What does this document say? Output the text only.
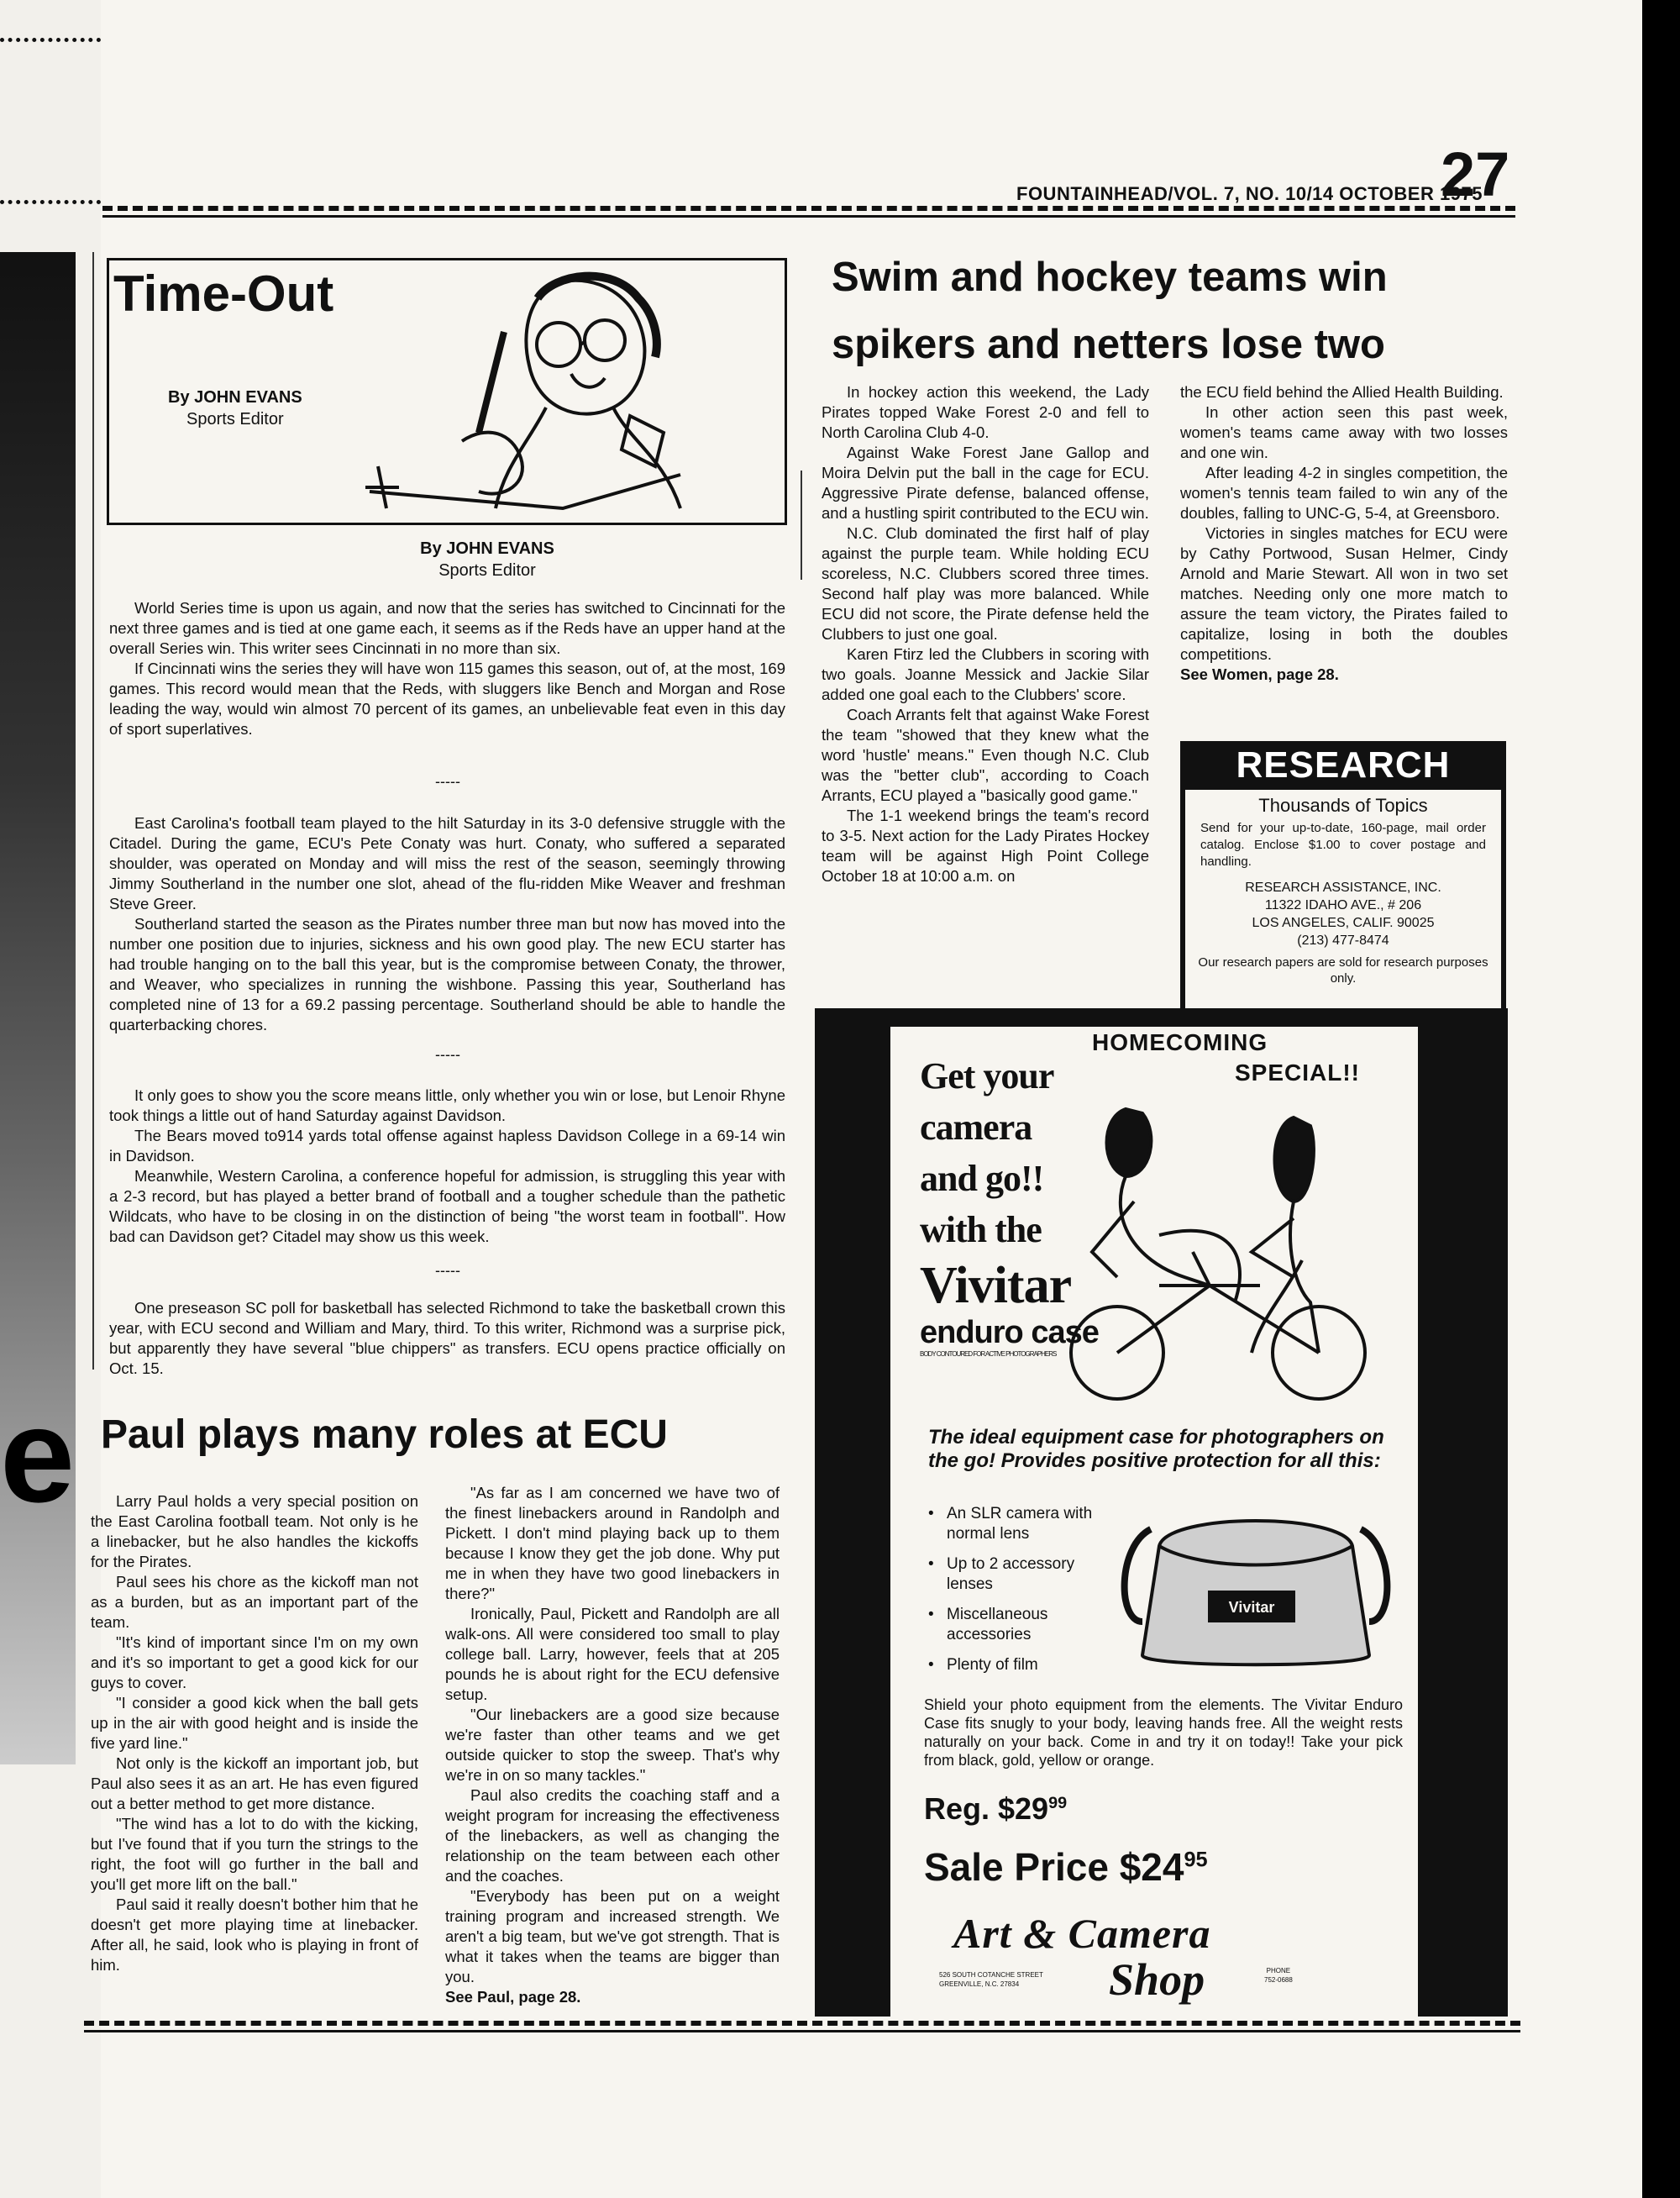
e
FOUNTAINHEAD/VOL. 7, NO. 10/14 OCTOBER 1975
27
Time-Out
By JOHN EVANS
Sports Editor
By JOHN EVANS
Sports Editor

World Series time is upon us again, and now that the series has switched to Cincinnati for the next three games and is tied at one game each, it seems as if the Reds have an upper hand at the overall Series win. This writer sees Cincinnati in no more than six.

If Cincinnati wins the series they will have won 115 games this season, out of, at the most, 169 games. This record would mean that the Reds, with sluggers like Bench and Morgan and Rose leading the way, would win almost 70 percent of its games, an unbelievable feat even in this day of sport superlatives.

-----

East Carolina's football team played to the hilt Saturday in its 3-0 defensive struggle with the Citadel. During the game, ECU's Pete Conaty was hurt. Conaty, who suffered a separated shoulder, was operated on Monday and will miss the rest of the season, seemingly throwing Jimmy Southerland in the number one slot, ahead of the flu-ridden Mike Weaver and freshman Steve Greer.

Southerland started the season as the Pirates number three man but now has moved into the number one position due to injuries, sickness and his own good play. The new ECU starter has had trouble hanging on to the ball this year, but is the compromise between Conaty, the thrower, and Weaver, who specializes in running the wishbone. Passing this year, Southerland has completed nine of 13 for a 69.2 passing percentage. Southerland should be able to handle the quarterbacking chores.

-----

It only goes to show you the score means little, only whether you win or lose, but Lenoir Rhyne took things a little out of hand Saturday against Davidson.

The Bears moved to914 yards total offense against hapless Davidson College in a 69-14 win in Davidson.

Meanwhile, Western Carolina, a conference hopeful for admission, is struggling this year with a 2-3 record, but has played a better brand of football and a tougher schedule than the pathetic Wildcats, who have to be closing in on the distinction of being "the worst team in football". How bad can Davidson get? Citadel may show us this week.

-----

One preseason SC poll for basketball has selected Richmond to take the basketball crown this year, with ECU second and William and Mary, third. To this writer, Richmond was a surprise pick, but apparently they have several "blue chippers" as transfers. ECU opens practice officially on Oct. 15.

Swim and hockey teams win
spikers and netters lose two

In hockey action this weekend, the Lady Pirates topped Wake Forest 2-0 and fell to North Carolina Club 4-0.

Against Wake Forest Jane Gallop and Moira Delvin put the ball in the cage for ECU. Aggressive Pirate defense, balanced offense, and a hustling spirit contributed to the ECU win.

N.C. Club dominated the first half of play against the purple team. While holding ECU scoreless, N.C. Clubbers scored three times. Second half play was more balanced. While ECU did not score, the Pirate defense held the Clubbers to just one goal.

Karen Ftirz led the Clubbers in scoring with two goals. Joanne Messick and Jackie Silar added one goal each to the Clubbers' score.

Coach Arrants felt that against Wake Forest the team "showed that they knew what the word 'hustle' means." Even though N.C. Club was the "better club", according to Coach Arrants, ECU played a "basically good game."

The 1-1 weekend brings the team's record to 3-5. Next action for the Lady Pirates Hockey team will be against High Point College October 18 at 10:00 a.m. on

the ECU field behind the Allied Health Building.

In other action seen this past week, women's teams came away with two losses and one win.

After leading 4-2 in singles competition, the women's tennis team failed to win any of the doubles, falling to UNC-G, 5-4, at Greensboro.

Victories in singles matches for ECU were by Cathy Portwood, Susan Helmer, Cindy Arnold and Marie Stewart. All won in two set matches. Needing only one more match to assure the team victory, the Pirates failed to capitalize, losing in both the doubles competitions.

See Women, page 28.

RESEARCH
Thousands of Topics
Send for your up-to-date, 160-page, mail order catalog. Enclose $1.00 to cover postage and handling.
RESEARCH ASSISTANCE, INC.
11322 IDAHO AVE., # 206
LOS ANGELES, CALIF. 90025
(213) 477-8474
Our research papers are sold for research purposes only.
HOMECOMING
SPECIAL!!
Get your
camera
and go!!
with the
Vivitar
enduro case
BODY CONTOURED FOR ACTIVE PHOTOGRAPHERS
The ideal equipment case for photographers on the go! Provides positive protection for all this:
• An SLR camera with normal lens
• Up to 2 accessory lenses
• Miscellaneous accessories
• Plenty of film
Vivitar
Shield your photo equipment from the elements. The Vivitar Enduro Case fits snugly to your body, leaving hands free. All the weight rests naturally on your back. Come in and try it on today!! Take your pick from black, gold, yellow or orange.
Reg. $\$29^{99}$
Sale Price $\$24^{95}$
Art & Camera
Shop
526 SOUTH COTANCHE STREET
GREENVILLE, N.C. 27834
PHONE
752-0688
Paul plays many roles at ECU

Larry Paul holds a very special position on the East Carolina football team. Not only is he a linebacker, but he also handles the kickoffs for the Pirates.

Paul sees his chore as the kickoff man not as a burden, but as an important part of the team.

"It's kind of important since I'm on my own and it's so important to get a good kick for our guys to cover.

"I consider a good kick when the ball gets up in the air with good height and is inside the five yard line."

Not only is the kickoff an important job, but Paul also sees it as an art. He has even figured out a better method to get more distance.

"The wind has a lot to do with the kicking, but I've found that if you turn the strings to the right, the foot will go further in the ball and you'll get more lift on the ball."

Paul said it really doesn't bother him that he doesn't get more playing time at linebacker. After all, he said, look who is playing in front of him.

"As far as I am concerned we have two of the finest linebackers around in Randolph and Pickett. I don't mind playing back up to them because I know they get the job done. Why put me in when they have two good linebackers in there?"

Ironically, Paul, Pickett and Randolph are all walk-ons. All were considered too small to play college ball. Larry, however, feels that at 205 pounds he is about right for the ECU defensive setup.

"Our linebackers are a good size because we're faster than other teams and we get outside quicker to stop the sweep. That's why we're in on so many tackles."

Paul also credits the coaching staff and a weight program for increasing the effectiveness of the linebackers, as well as changing the relationship on the team between each other and the coaches.

"Everybody has been put on a weight training program and increased strength. We aren't a big team, but we've got strength. That is what it takes when the teams are bigger than you.

See Paul, page 28.
